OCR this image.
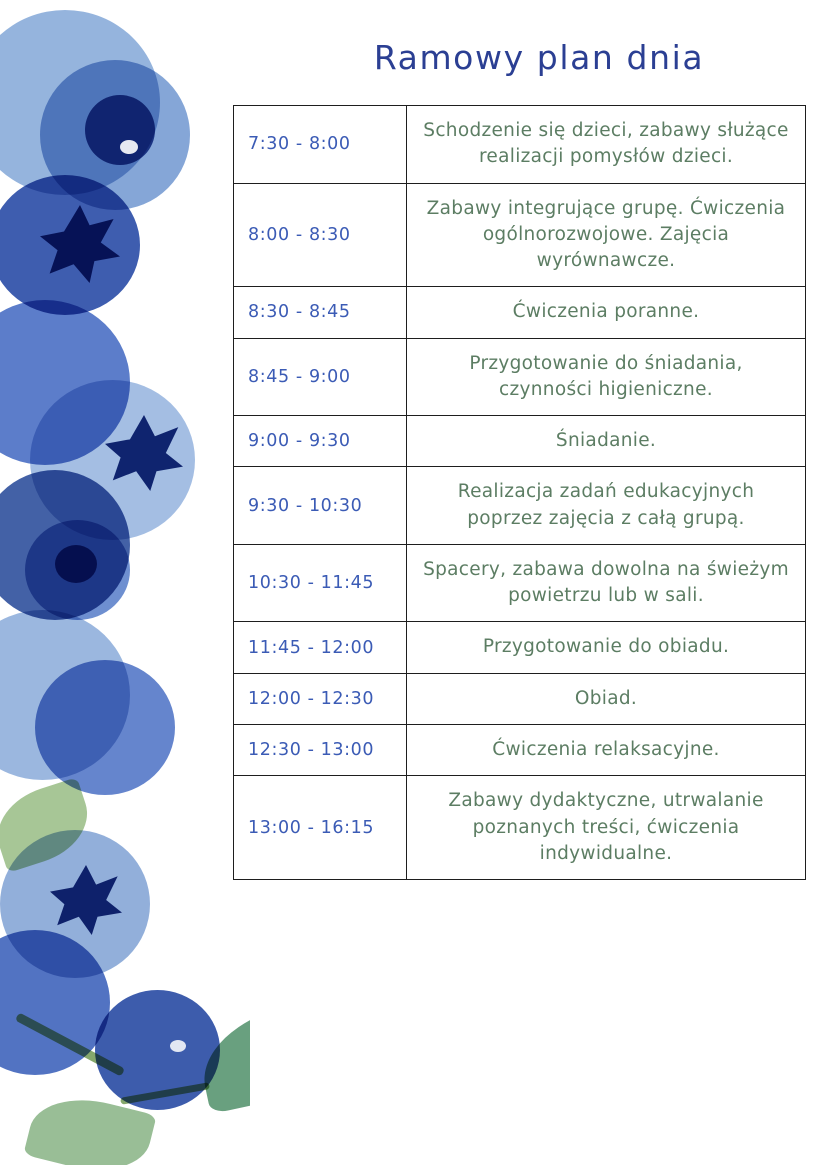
Ramowy plan dnia
7:30 - 8:00	Schodzenie się dzieci, zabawy służące realizacji pomysłów dzieci.
8:00 - 8:30	Zabawy integrujące grupę. Ćwiczenia ogólnorozwojowe. Zajęcia wyrównawcze.
8:30 - 8:45	Ćwiczenia poranne.
8:45 - 9:00	Przygotowanie do śniadania, czynności higieniczne.
9:00 - 9:30	Śniadanie.
9:30 - 10:30	Realizacja zadań edukacyjnych poprzez zajęcia z całą grupą.
10:30 - 11:45	Spacery, zabawa dowolna na świeżym powietrzu lub w sali.
11:45 - 12:00	Przygotowanie do obiadu.
12:00 - 12:30	Obiad.
12:30 - 13:00	Ćwiczenia relaksacyjne.
13:00 - 16:15	Zabawy dydaktyczne, utrwalanie poznanych treści, ćwiczenia indywidualne.
